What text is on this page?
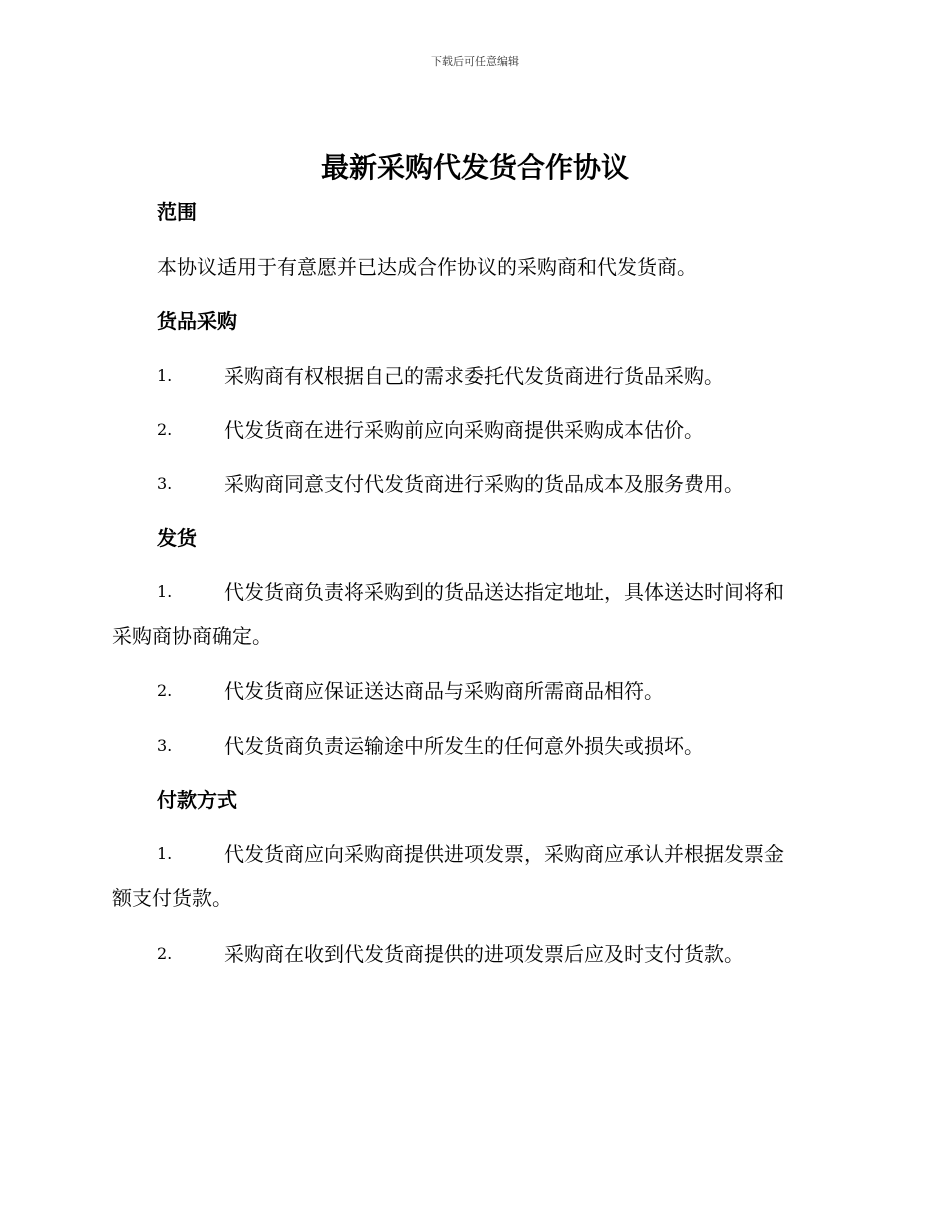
下载后可任意编辑
最新采购代发货合作协议
范围

本协议适用于有意愿并已达成合作协议的采购商和代发货商。

货品采购
1.	采购商有权根据自己的需求委托代发货商进行货品采购。
2.	代发货商在进行采购前应向采购商提供采购成本估价。
3.	采购商同意支付代发货商进行采购的货品成本及服务费用。
发货
1.	代发货商负责将采购到的货品送达指定地址，具体送达时间将和
采购商协商确定。
2.	代发货商应保证送达商品与采购商所需商品相符。
3.	代发货商负责运输途中所发生的任何意外损失或损坏。
付款方式
1.	代发货商应向采购商提供进项发票，采购商应承认并根据发票金
额支付货款。
2.	采购商在收到代发货商提供的进项发票后应及时支付货款。
